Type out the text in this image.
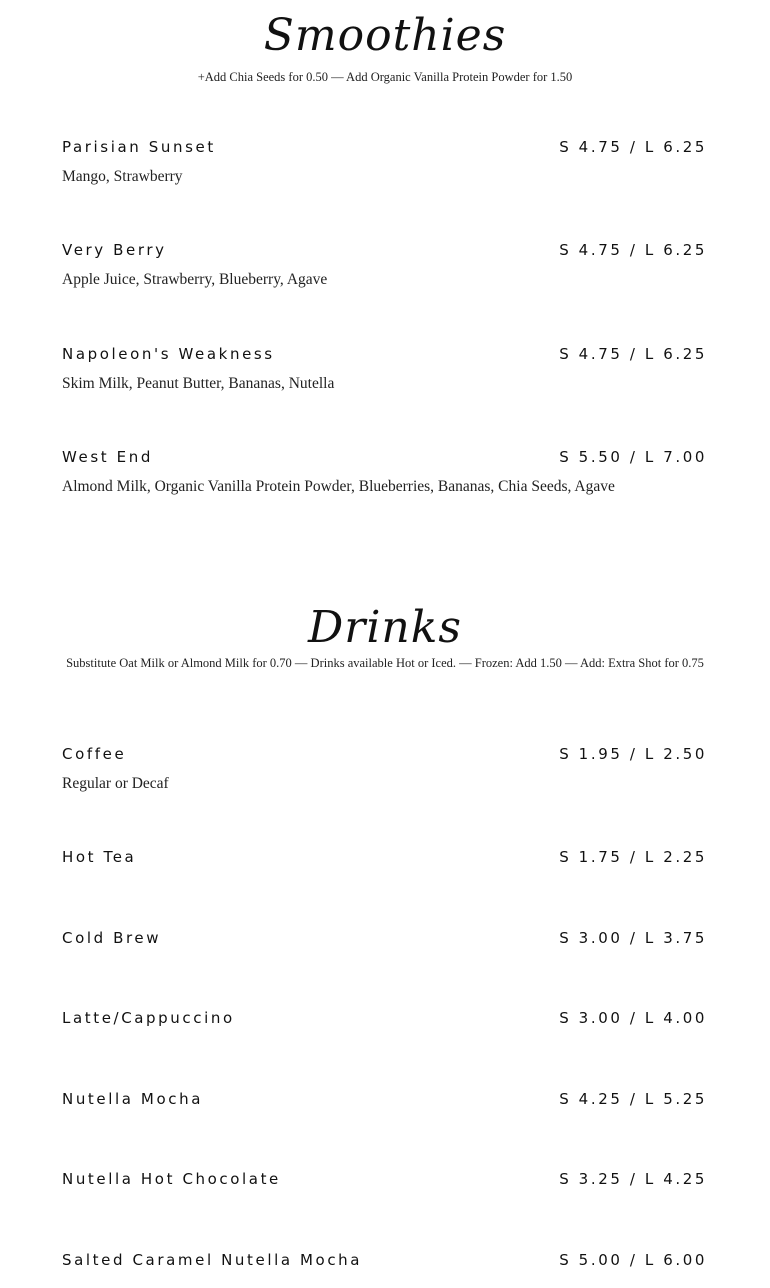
Smoothies

+Add Chia Seeds for 0.50 — Add Organic Vanilla Protein Powder for 1.50

Parisian Sunset	S 4.75 / L 6.25
Mango, Strawberry
Very Berry	S 4.75 / L 6.25
Apple Juice, Strawberry, Blueberry, Agave
Napoleon's Weakness	S 4.75 / L 6.25
Skim Milk, Peanut Butter, Bananas, Nutella
West End	S 5.50 / L 7.00
Almond Milk, Organic Vanilla Protein Powder, Blueberries, Bananas, Chia Seeds, Agave
Drinks

Substitute Oat Milk or Almond Milk for 0.70 — Drinks available Hot or Iced. — Frozen: Add 1.50 — Add: Extra Shot for 0.75

Coffee	S 1.95 / L 2.50
Regular or Decaf
Hot Tea	S 1.75 / L 2.25
Cold Brew	S 3.00 / L 3.75
Latte/Cappuccino	S 3.00 / L 4.00
Nutella Mocha	S 4.25 / L 5.25
Nutella Hot Chocolate	S 3.25 / L 4.25
Salted Caramel Nutella Mocha	S 5.00 / L 6.00
